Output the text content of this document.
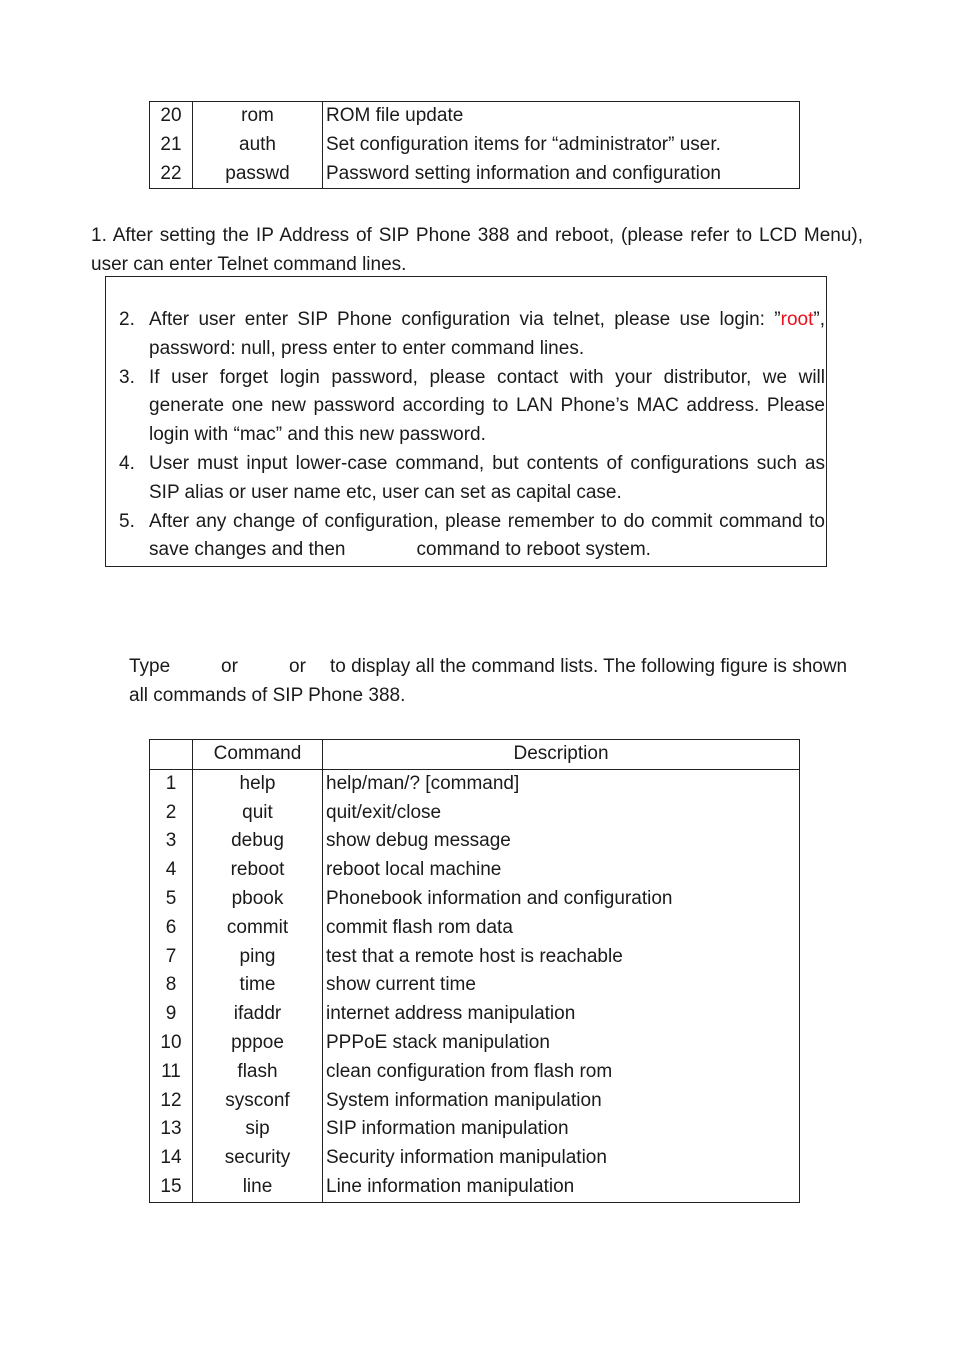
20	rom	ROM file update
21	auth	Set configuration items for “administrator” user.
22	passwd	Password setting information and configuration
1. After setting the IP Address of SIP Phone 388 and reboot, (please refer to LCD Menu),
user can enter Telnet command lines.
2. After user enter SIP Phone configuration via telnet, please use login: ”root”,
password: null, press enter to enter command lines.
3. If user forget login password, please contact with your distributor, we will
generate one new password according to LAN Phone’s MAC address. Please
login with “mac” and this new password.
4. User must input lower-case command, but contents of configurations such as
SIP alias or user name etc, user can set as capital case.
5. After any change of configuration, please remember to do commit command to
save changes and then	command to reboot system.
Type	or	or to display all the command lists. The following figure is shown
all commands of SIP Phone 388.
	Command	Description
1	help	help/man/? [command]
2	quit	quit/exit/close
3	debug	show debug message
4	reboot	reboot local machine
5	pbook	Phonebook information and configuration
6	commit	commit flash rom data
7	ping	test that a remote host is reachable
8	time	show current time
9	ifaddr	internet address manipulation
10	pppoe	PPPoE stack manipulation
11	flash	clean configuration from flash rom
12	sysconf	System information manipulation
13	sip	SIP information manipulation
14	security	Security information manipulation
15	line	Line information manipulation
